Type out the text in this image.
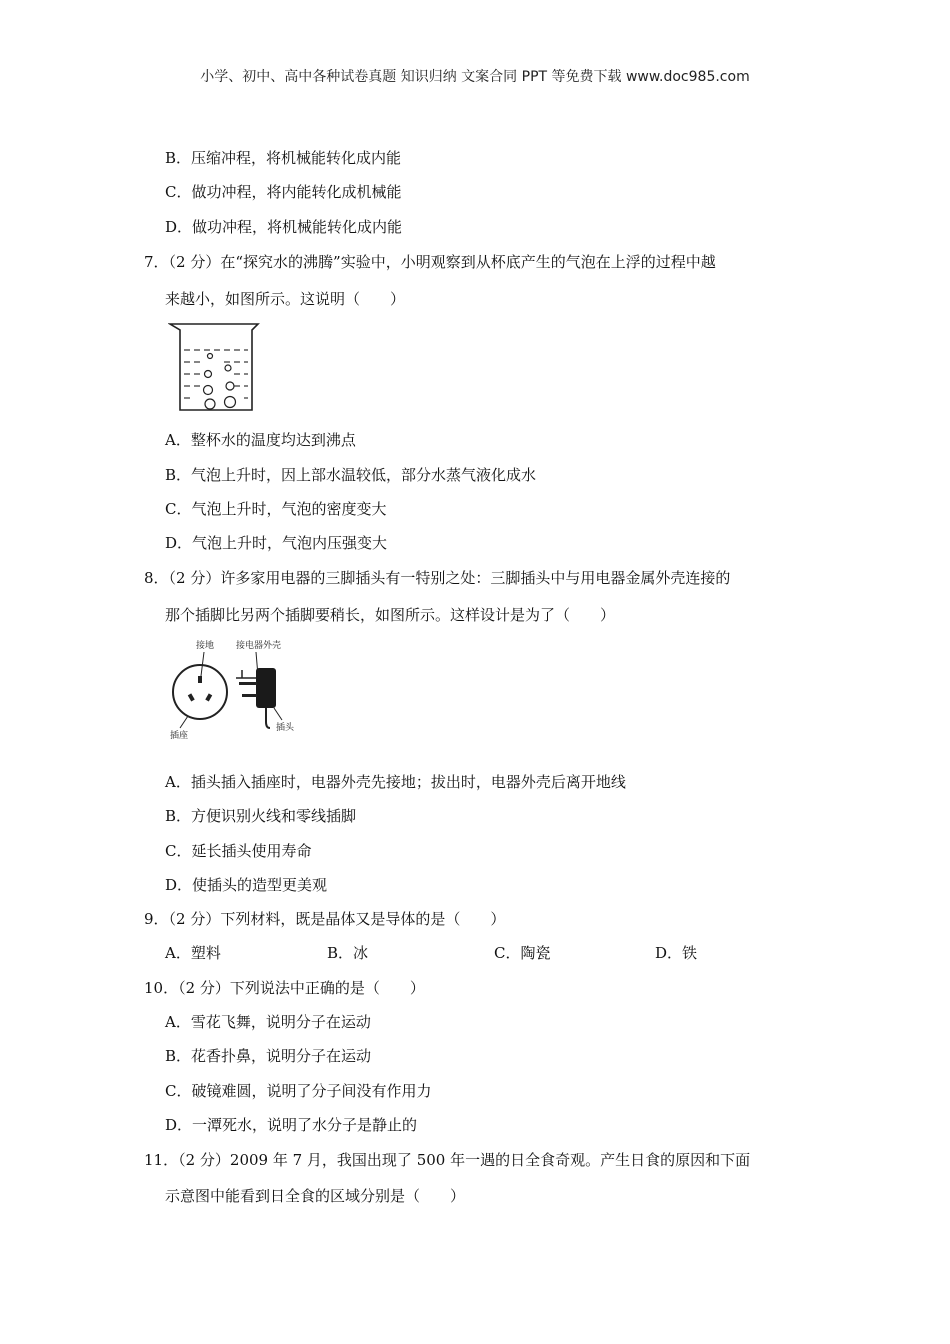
小学、初中、高中各种试卷真题 知识归纳 文案合同 PPT 等免费下载 www.doc985.com
B．压缩冲程，将机械能转化成内能
C．做功冲程，将内能转化成机械能
D．做功冲程，将机械能转化成内能
7．（2 分）在“探究水的沸腾”实验中，小明观察到从杯底产生的气泡在上浮的过程中越
来越小，如图所示。这说明（　　）
A．整杯水的温度均达到沸点
B．气泡上升时，因上部水温较低，部分水蒸气液化成水
C．气泡上升时，气泡的密度变大
D．气泡上升时，气泡内压强变大
8．（2 分）许多家用电器的三脚插头有一特别之处：三脚插头中与用电器金属外壳连接的
那个插脚比另两个插脚要稍长，如图所示。这样设计是为了（　　）
接地
插座
接电器外壳
插头
A．插头插入插座时，电器外壳先接地；拔出时，电器外壳后离开地线
B．方便识别火线和零线插脚
C．延长插头使用寿命
D．使插头的造型更美观
9．（2 分）下列材料，既是晶体又是导体的是（　　）
A．塑料	B．冰	C．陶瓷	D．铁
10．（2 分）下列说法中正确的是（　　）
A．雪花飞舞，说明分子在运动
B．花香扑鼻，说明分子在运动
C．破镜难圆，说明了分子间没有作用力
D．一潭死水，说明了水分子是静止的
11．（2 分）2009 年 7 月，我国出现了 500 年一遇的日全食奇观。产生日食的原因和下面
示意图中能看到日全食的区域分别是（　　）
